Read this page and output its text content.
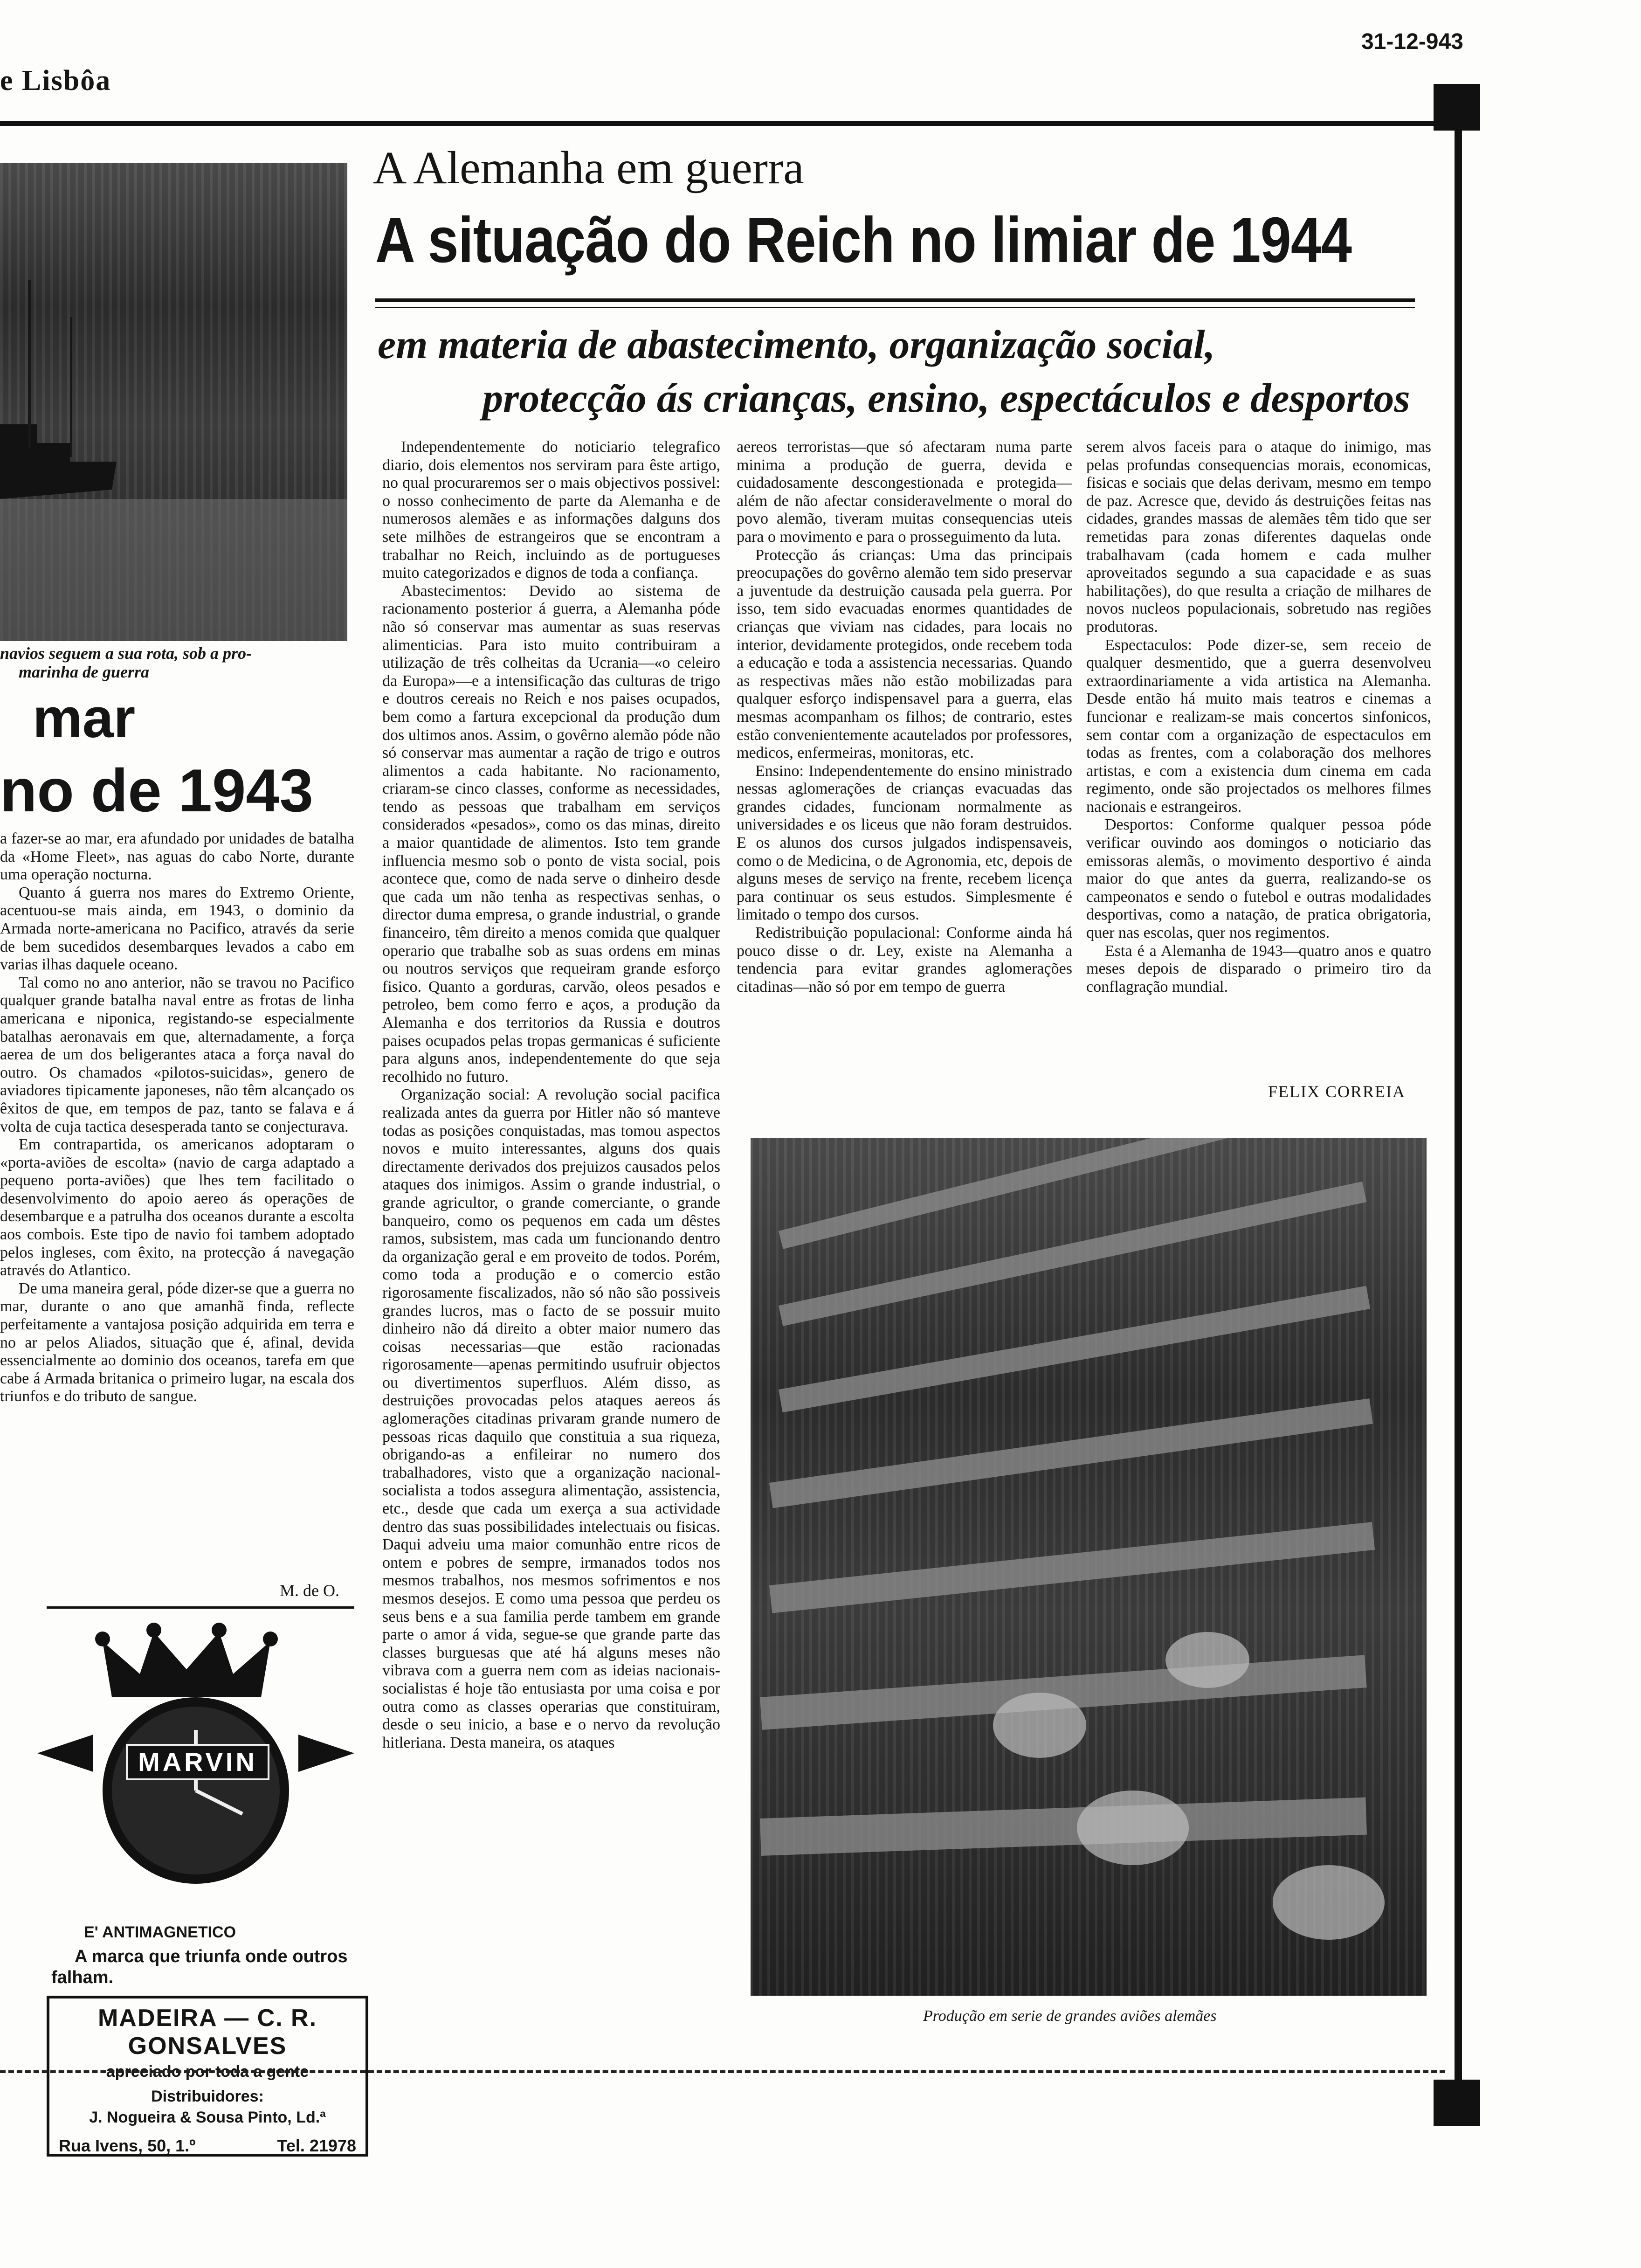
e Lisbôa
31-12-943
navios seguem a sua rota, sob a pro-
marinha de guerra
mar
no de 1943

a fazer-se ao mar, era afundado por unidades de batalha da «Home Fleet», nas aguas do cabo Norte, durante uma operação nocturna.

Quanto á guerra nos mares do Extremo Oriente, acentuou-se mais ainda, em 1943, o dominio da Armada norte-americana no Pacifico, através da serie de bem sucedidos desembarques levados a cabo em varias ilhas daquele oceano.

Tal como no ano anterior, não se travou no Pacifico qualquer grande batalha naval entre as frotas de linha americana e niponica, registando-se especialmente batalhas aeronavais em que, alternadamente, a força aerea de um dos beligerantes ataca a força naval do outro. Os chamados «pilotos-suicidas», genero de aviadores tipicamente japoneses, não têm alcançado os êxitos de que, em tempos de paz, tanto se falava e á volta de cuja tactica desesperada tanto se conjecturava.

Em contrapartida, os americanos adoptaram o «porta-aviões de escolta» (navio de carga adaptado a pequeno porta-aviões) que lhes tem facilitado o desenvolvimento do apoio aereo ás operações de desembarque e a patrulha dos oceanos durante a escolta aos combois. Este tipo de navio foi tambem adoptado pelos ingleses, com êxito, na protecção á navegação através do Atlantico.

De uma maneira geral, póde dizer-se que a guerra no mar, durante o ano que amanhã finda, reflecte perfeitamente a vantajosa posição adquirida em terra e no ar pelos Aliados, situação que é, afinal, devida essencialmente ao dominio dos oceanos, tarefa em que cabe á Armada britanica o primeiro lugar, na escala dos triunfos e do tributo de sangue.

M. de O.
MARVIN
E' ANTIMAGNETICO
A marca que triunfa onde outros
falham.
MADEIRA — C. R. GONSALVES
apreciado por toda a gente
Distribuidores:
J. Nogueira & Sousa Pinto, Ld.ª
Rua Ivens, 50, 1.º	Tel. 21978
A Alemanha em guerra
A situação do Reich no limiar de 1944
em materia de abastecimento, organização social,
protecção ás crianças, ensino, espectáculos e desportos

Independentemente do noticiario telegrafico diario, dois elementos nos serviram para êste artigo, no qual procuraremos ser o mais objectivos possivel: o nosso conhecimento de parte da Alemanha e de numerosos alemães e as informações dalguns dos sete milhões de estrangeiros que se encontram a trabalhar no Reich, incluindo as de portugueses muito categorizados e dignos de toda a confiança.

Abastecimentos: Devido ao sistema de racionamento posterior á guerra, a Alemanha póde não só conservar mas aumentar as suas reservas alimenticias. Para isto muito contribuiram a utilização de três colheitas da Ucrania—«o celeiro da Europa»—e a intensificação das culturas de trigo e doutros cereais no Reich e nos paises ocupados, bem como a fartura excepcional da produção dum dos ultimos anos. Assim, o govêrno alemão póde não só conservar mas aumentar a ração de trigo e outros alimentos a cada habitante. No racionamento, criaram-se cinco classes, conforme as necessidades, tendo as pessoas que trabalham em serviços considerados «pesados», como os das minas, direito a maior quantidade de alimentos. Isto tem grande influencia mesmo sob o ponto de vista social, pois acontece que, como de nada serve o dinheiro desde que cada um não tenha as respectivas senhas, o director duma empresa, o grande industrial, o grande financeiro, têm direito a menos comida que qualquer operario que trabalhe sob as suas ordens em minas ou noutros serviços que requeiram grande esforço fisico. Quanto a gorduras, carvão, oleos pesados e petroleo, bem como ferro e aços, a produção da Alemanha e dos territorios da Russia e doutros paises ocupados pelas tropas germanicas é suficiente para alguns anos, independentemente do que seja recolhido no futuro.

Organização social: A revolução social pacifica realizada antes da guerra por Hitler não só manteve todas as posições conquistadas, mas tomou aspectos novos e muito interessantes, alguns dos quais directamente derivados dos prejuizos causados pelos ataques dos inimigos. Assim o grande industrial, o grande agricultor, o grande comerciante, o grande banqueiro, como os pequenos em cada um dêstes ramos, subsistem, mas cada um funcionando dentro da organização geral e em proveito de todos. Porém, como toda a produção e o comercio estão rigorosamente fiscalizados, não só não são possiveis grandes lucros, mas o facto de se possuir muito dinheiro não dá direito a obter maior numero das coisas necessarias—que estão racionadas rigorosamente—apenas permitindo usufruir objectos ou divertimentos superfluos. Além disso, as destruições provocadas pelos ataques aereos ás aglomerações citadinas privaram grande numero de pessoas ricas daquilo que constituia a sua riqueza, obrigando-as a enfileirar no numero dos trabalhadores, visto que a organização nacional-socialista a todos assegura alimentação, assistencia, etc., desde que cada um exerça a sua actividade dentro das suas possibilidades intelectuais ou fisicas. Daqui adveiu uma maior comunhão entre ricos de ontem e pobres de sempre, irmanados todos nos mesmos trabalhos, nos mesmos sofrimentos e nos mesmos desejos. E como uma pessoa que perdeu os seus bens e a sua familia perde tambem em grande parte o amor á vida, segue-se que grande parte das classes burguesas que até há alguns meses não vibrava com a guerra nem com as ideias nacionais-socialistas é hoje tão entusiasta por uma coisa e por outra como as classes operarias que constituiram, desde o seu inicio, a base e o nervo da revolução hitleriana. Desta maneira, os ataques

aereos terroristas—que só afectaram numa parte minima a produção de guerra, devida e cuidadosamente descongestionada e protegida—além de não afectar consideravelmente o moral do povo alemão, tiveram muitas consequencias uteis para o movimento e para o prosseguimento da luta.

Protecção ás crianças: Uma das principais preocupações do govêrno alemão tem sido preservar a juventude da destruição causada pela guerra. Por isso, tem sido evacuadas enormes quantidades de crianças que viviam nas cidades, para locais no interior, devidamente protegidos, onde recebem toda a educação e toda a assistencia necessarias. Quando as respectivas mães não estão mobilizadas para qualquer esforço indispensavel para a guerra, elas mesmas acompanham os filhos; de contrario, estes estão convenientemente acautelados por professores, medicos, enfermeiras, monitoras, etc.

Ensino: Independentemente do ensino ministrado nessas aglomerações de crianças evacuadas das grandes cidades, funcionam normalmente as universidades e os liceus que não foram destruidos. E os alunos dos cursos julgados indispensaveis, como o de Medicina, o de Agronomia, etc, depois de alguns meses de serviço na frente, recebem licença para continuar os seus estudos. Simplesmente é limitado o tempo dos cursos.

Redistribuição populacional: Conforme ainda há pouco disse o dr. Ley, existe na Alemanha a tendencia para evitar grandes aglomerações citadinas—não só por em tempo de guerra

serem alvos faceis para o ataque do inimigo, mas pelas profundas consequencias morais, economicas, fisicas e sociais que delas derivam, mesmo em tempo de paz. Acresce que, devido ás destruições feitas nas cidades, grandes massas de alemães têm tido que ser remetidas para zonas diferentes daquelas onde trabalhavam (cada homem e cada mulher aproveitados segundo a sua capacidade e as suas habilitações), do que resulta a criação de milhares de novos nucleos populacionais, sobretudo nas regiões produtoras.

Espectaculos: Pode dizer-se, sem receio de qualquer desmentido, que a guerra desenvolveu extraordinariamente a vida artistica na Alemanha. Desde então há muito mais teatros e cinemas a funcionar e realizam-se mais concertos sinfonicos, sem contar com a organização de espectaculos em todas as frentes, com a colaboração dos melhores artistas, e com a existencia dum cinema em cada regimento, onde são projectados os melhores filmes nacionais e estrangeiros.

Desportos: Conforme qualquer pessoa póde verificar ouvindo aos domingos o noticiario das emissoras alemãs, o movimento desportivo é ainda maior do que antes da guerra, realizando-se os campeonatos e sendo o futebol e outras modalidades desportivas, como a natação, de pratica obrigatoria, quer nas escolas, quer nos regimentos.

Esta é a Alemanha de 1943—quatro anos e quatro meses depois de disparado o primeiro tiro da conflagração mundial.

FELIX CORREIA
Produção em serie de grandes aviões alemães
